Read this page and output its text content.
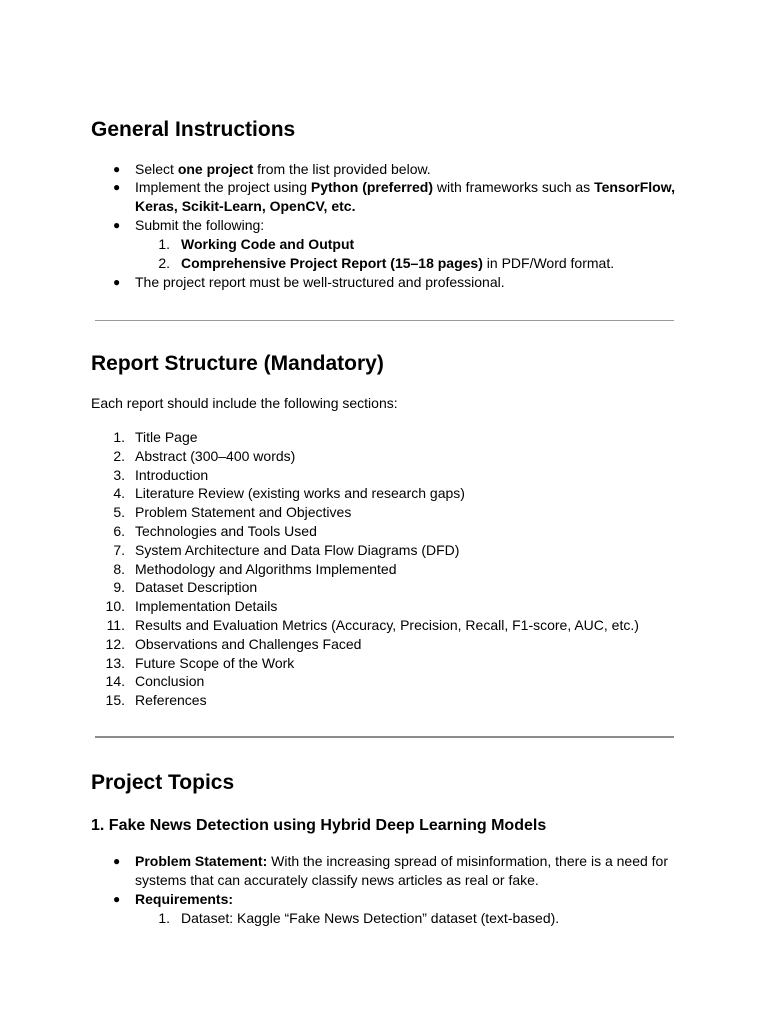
General Instructions
● Select one project from the list provided below.
● Implement the project using Python (preferred) with frameworks such as TensorFlow,
Keras, Scikit-Learn, OpenCV, etc.
● Submit the following:
1. Working Code and Output
2. Comprehensive Project Report (15–18 pages) in PDF/Word format.
● The project report must be well-structured and professional.
Report Structure (Mandatory)
Each report should include the following sections:
1. Title Page
2. Abstract (300–400 words)
3. Introduction
4. Literature Review (existing works and research gaps)
5. Problem Statement and Objectives
6. Technologies and Tools Used
7. System Architecture and Data Flow Diagrams (DFD)
8. Methodology and Algorithms Implemented
9. Dataset Description
10. Implementation Details
11. Results and Evaluation Metrics (Accuracy, Precision, Recall, F1-score, AUC, etc.)
12. Observations and Challenges Faced
13. Future Scope of the Work
14. Conclusion
15. References
Project Topics
1. Fake News Detection using Hybrid Deep Learning Models
● Problem Statement: With the increasing spread of misinformation, there is a need for
systems that can accurately classify news articles as real or fake.
● Requirements:
1. Dataset: Kaggle “Fake News Detection” dataset (text-based).
